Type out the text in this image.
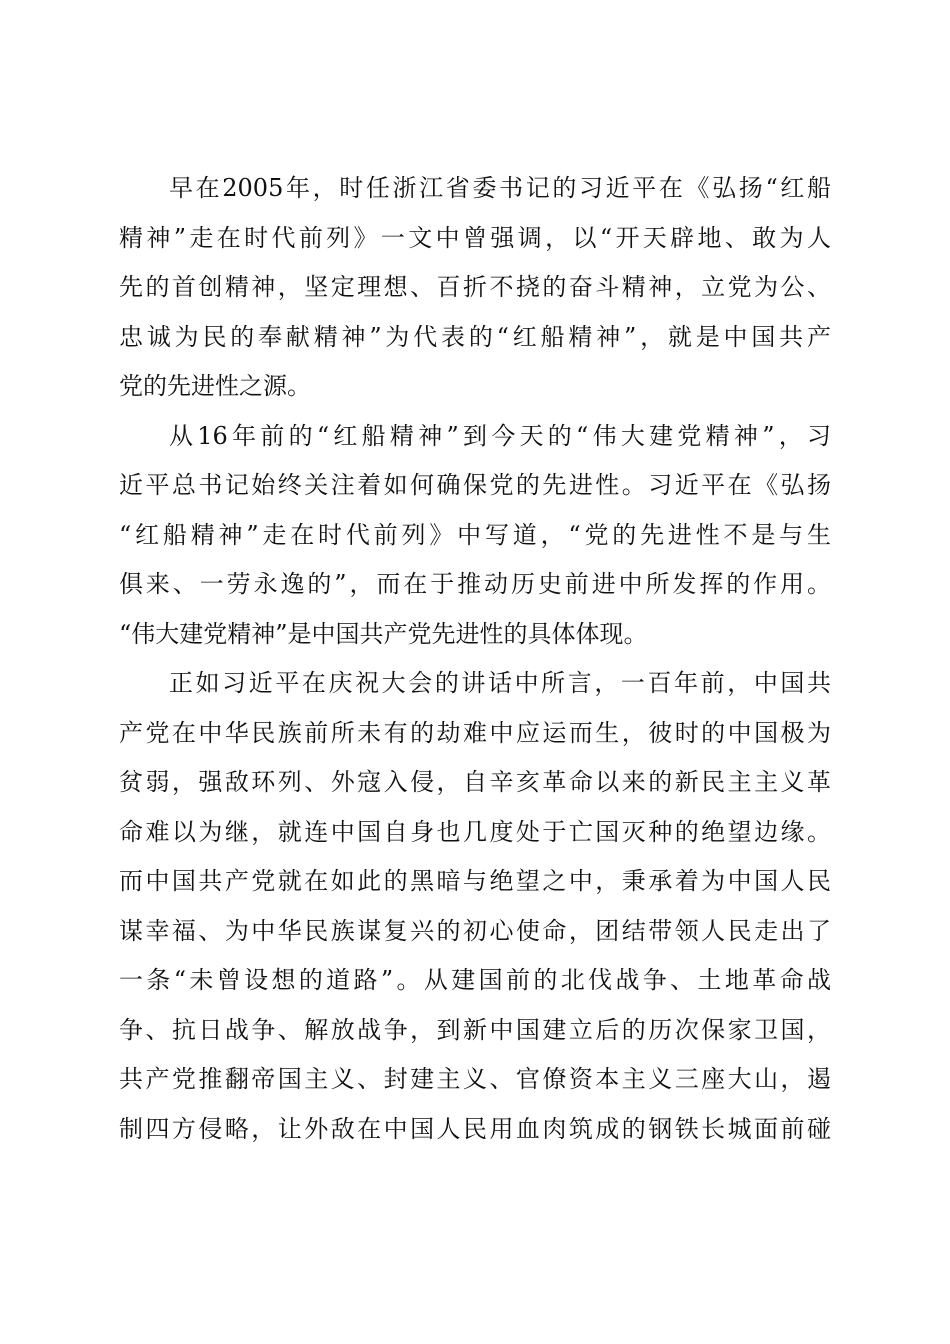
早在2005年，时任浙江省委书记的习近平在《弘扬“红船
精神”走在时代前列》一文中曾强调，以“开天辟地、敢为人
先的首创精神，坚定理想、百折不挠的奋斗精神，立党为公、
忠诚为民的奉献精神”为代表的“红船精神”，就是中国共产
党的先进性之源。
从16年前的“红船精神”到今天的“伟大建党精神”，习
近平总书记始终关注着如何确保党的先进性。习近平在《弘扬
“红船精神”走在时代前列》中写道，“党的先进性不是与生
俱来、一劳永逸的”，而在于推动历史前进中所发挥的作用。
“伟大建党精神”是中国共产党先进性的具体体现。
正如习近平在庆祝大会的讲话中所言，一百年前，中国共
产党在中华民族前所未有的劫难中应运而生，彼时的中国极为
贫弱，强敌环列、外寇入侵，自辛亥革命以来的新民主主义革
命难以为继，就连中国自身也几度处于亡国灭种的绝望边缘。
而中国共产党就在如此的黑暗与绝望之中，秉承着为中国人民
谋幸福、为中华民族谋复兴的初心使命，团结带领人民走出了
一条“未曾设想的道路”。从建国前的北伐战争、土地革命战
争、抗日战争、解放战争，到新中国建立后的历次保家卫国，
共产党推翻帝国主义、封建主义、官僚资本主义三座大山，遏
制四方侵略，让外敌在中国人民用血肉筑成的钢铁长城面前碰
